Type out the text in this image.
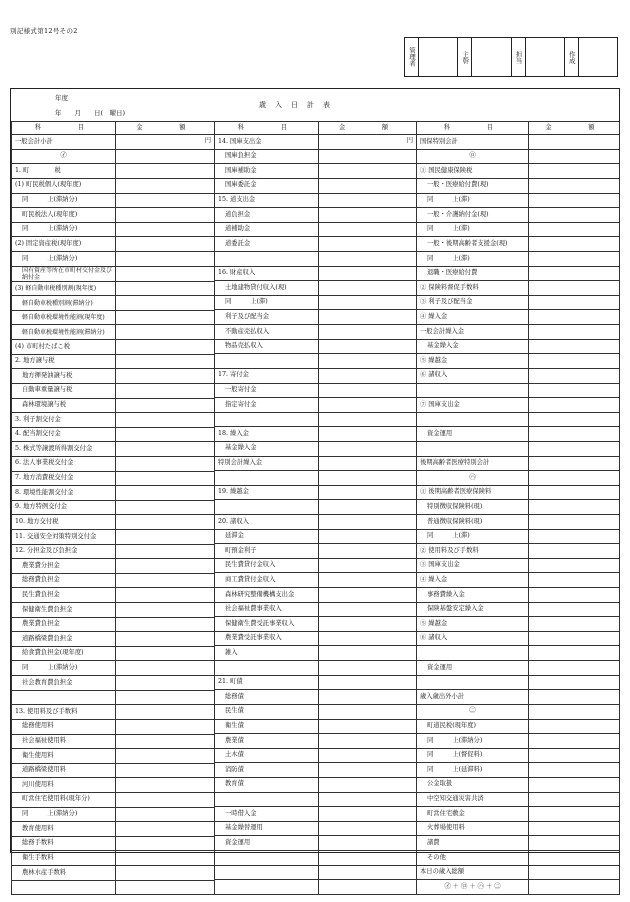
別記様式第12号その2
管理者		主幹		担当		作成	
年度
年　　月　　日(　曜日)
歳入日計表
科　　目	金　　額
一般会計小計	円
㋑	
1. 町　　　　税	
(1) 町民税個人(現年度)	
同　　　上(滞納分)	
町民税法人(現年度)	
同　　　上(滞納分)	
(2) 固定資産税(現年度)	
同　　　上(滞納分)	
国有資産等所在市町村交付金及び納付金	
(3) 軽自動車税種別割(現年度)	
軽自動車税種別割(滞納分)	
軽自動車税環境性能割(現年度)	
軽自動車税環境性能割(滞納分)	
(4) 市町村たばこ税	
2. 地方譲与税	
地方揮発油譲与税	
自動車重量譲与税	
森林環境譲与税	
3. 利子割交付金	
4. 配当割交付金	
5. 株式等譲渡所得割交付金	
6. 法人事業税交付金	
7. 地方消費税交付金	
8. 環境性能割交付金	
9. 地方特例交付金	
10. 地方交付税	
11. 交通安全対策特別交付金	
12. 分担金及び負担金	
農業費分担金	
総務費負担金	
民生費負担金	
保健衛生費負担金	
農業費負担金	
道路橋梁費負担金	
給食費負担金(現年度)	
同　　　上(滞納分)	
社会教育費負担金	

13. 使用料及び手数料	
総務使用料	
社会福祉使用料	
衛生使用料	
道路橋梁使用料	
河川使用料	
町営住宅使用料(現年分)	
同　　　上(滞納分)	
教育使用料	
総務手数料	
衛生手数料	
農林水産手数料	

科　　目	金　　額
14. 国庫支出金	円
国庫負担金	
国庫補助金	
国庫委託金	
15. 道支出金	
道負担金	
道補助金	
道委託金	

16. 財産収入	
土地建物貸付収入(現)	
同　　　上(滞)	
利子及び配当金	
不動産売払収入	
物品売払収入	

17. 寄付金	
一般寄付金	
指定寄付金	

18. 繰入金	
基金繰入金	
特別会計繰入金	

19. 繰越金	

20. 諸収入	
延滞金	
町預金利子	
民生費貸付金収入	
商工費貸付金収入	
森林研究整備機構支出金	
社会福祉費事業収入	
保健衛生費受託事業収入	
農業費受託事業収入	
雑入	

21. 町債	
総務債	
民生債	
衛生債	
農業債	
土木債	
消防債	
教育債	

一時借入金	
基金繰替運用	
資金運用	

科　　目	金　　額
国保特別会計	
㋺	
① 国民健康保険税	
一般・医療給付費(現)	
同　　　上(滞)	
一般・介護納付金(現)	
同　　　上(滞)	
一般・後期高齢者支援金(現)	
同　　　上(滞)	
退職・医療給付費	
② 保険料督促手数料	
③ 利子及び配当金	
④ 繰入金	
一般会計繰入金	
基金繰入金	
⑤ 繰越金	
⑥ 諸収入	

⑦ 国庫支出金	

資金運用	

後期高齢者医療特別会計	
㋩	
① 後期高齢者医療保険料	
特別徴収保険料(現)	
普通徴収保険料(現)	
同　　　上(滞)	
② 使用料及び手数料	
③ 国庫支出金	
④ 繰入金	
事務費繰入金	
保険基盤安定繰入金	
⑤ 繰越金	
⑥ 諸収入	

資金運用	

歳入歳出外小計	
㊁	
町道民税(現年度)	
同　　　上(滞納分)	
同　　　上(督促料)	
同　　　上(延滞料)	
公金取扱	
中空知交通災害共済	
町営住宅敷金	
火葬場使用料	
諸費	
その他	
本日の歳入総額	
㋑ ＋ ㋺ ＋ ㋩ ＋ ㊁	
